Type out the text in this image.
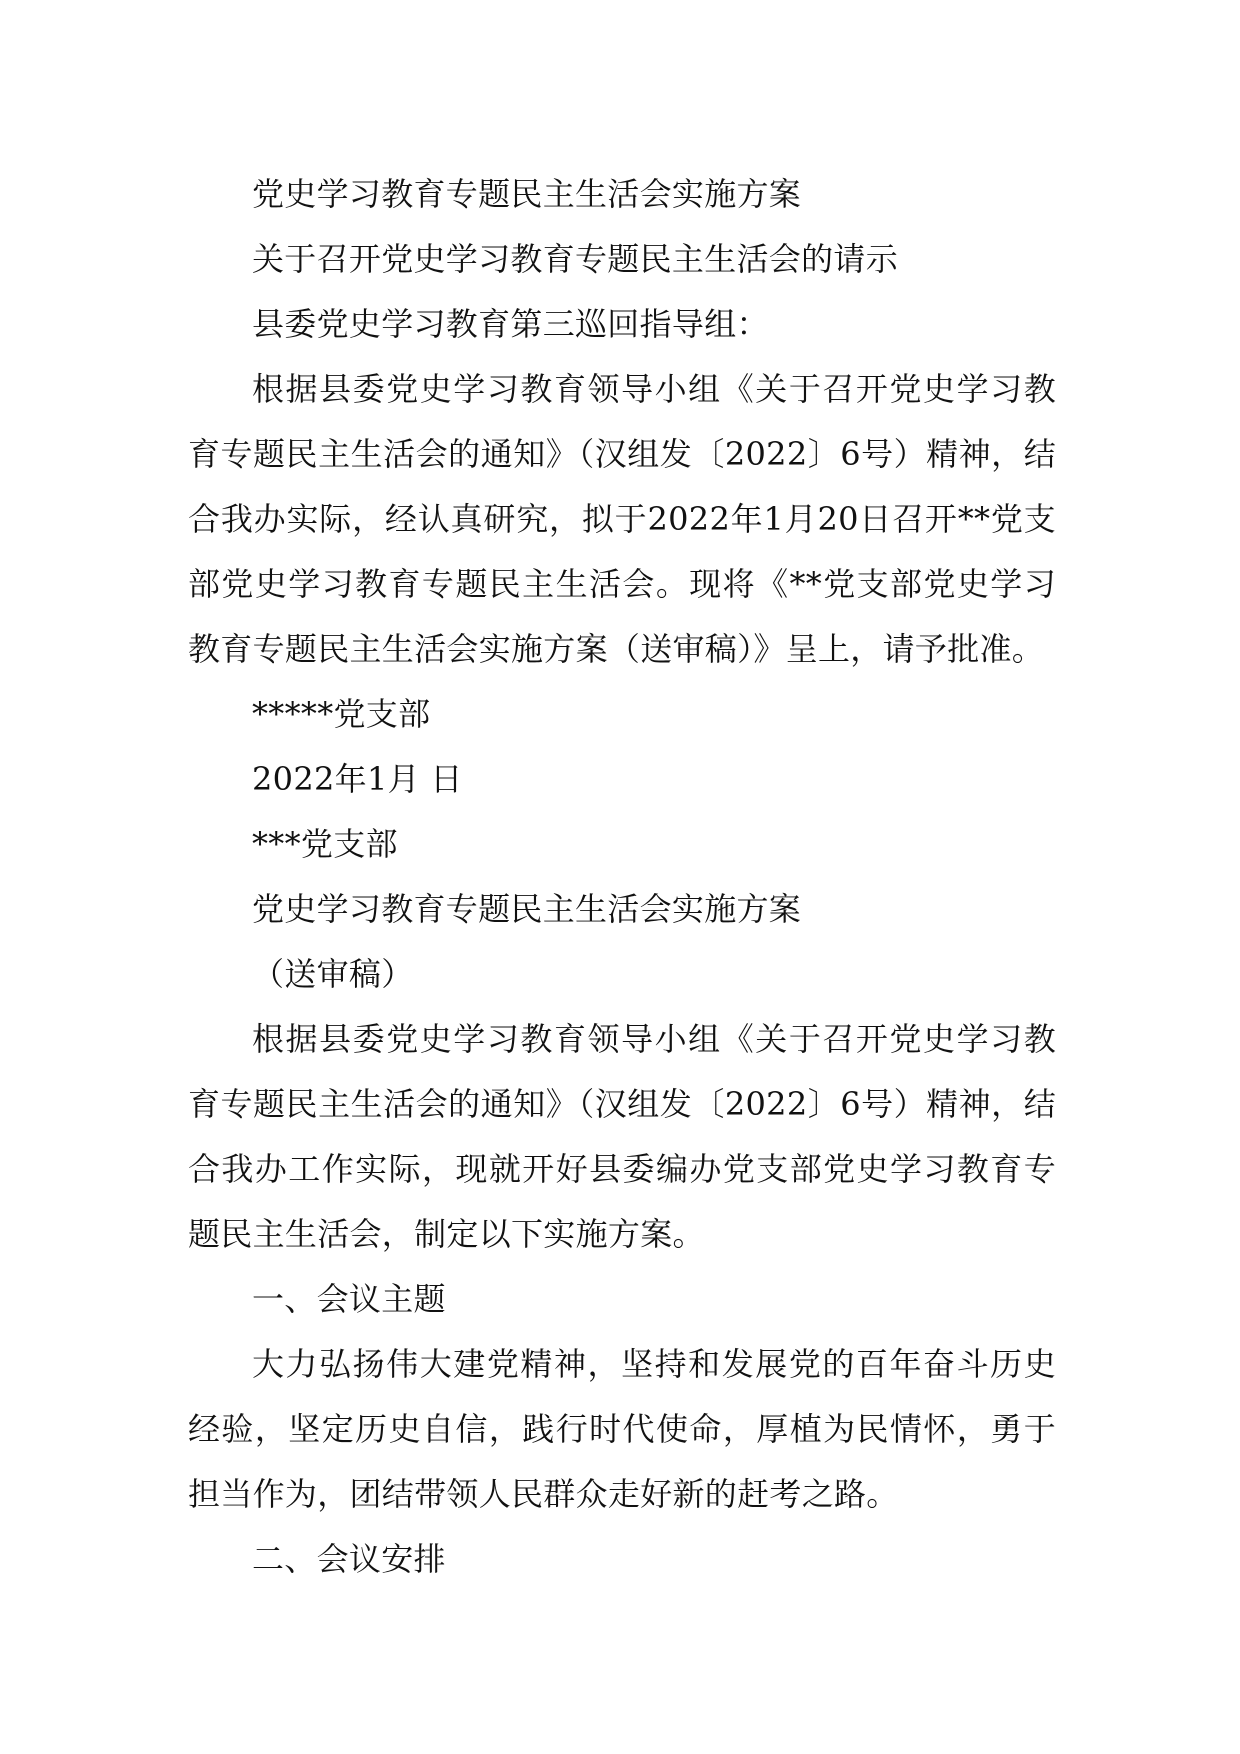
党史学习教育专题民主生活会实施方案

关于召开党史学习教育专题民主生活会的请示

县委党史学习教育第三巡回指导组：

根据县委党史学习教育领导小组《关于召开党史学习教育专题民主生活会的通知》（汉组发〔2022〕6号）精神，结合我办实际，经认真研究，拟于2022年1月20日召开**党支部党史学习教育专题民主生活会。现将《**党支部党史学习教育专题民主生活会实施方案（送审稿）》呈上，请予批准。

*****党支部

2022年1月 日

***党支部

党史学习教育专题民主生活会实施方案

（送审稿）

根据县委党史学习教育领导小组《关于召开党史学习教育专题民主生活会的通知》（汉组发〔2022〕6号）精神，结合我办工作实际，现就开好县委编办党支部党史学习教育专题民主生活会，制定以下实施方案。

一、会议主题

大力弘扬伟大建党精神，坚持和发展党的百年奋斗历史经验，坚定历史自信，践行时代使命，厚植为民情怀，勇于担当作为，团结带领人民群众走好新的赶考之路。

二、会议安排
